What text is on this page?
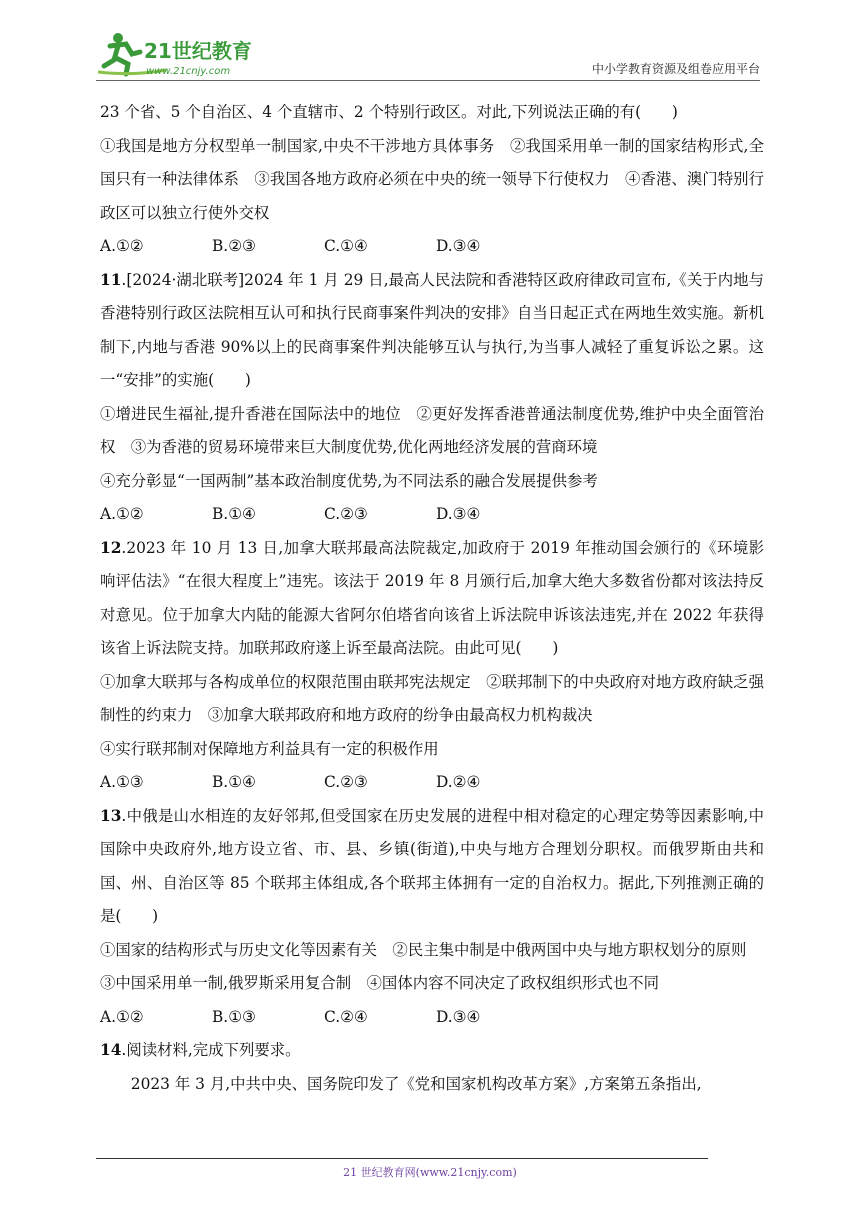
21世纪教育
www.21cnjy.com	中小学教育资源及组卷应用平台

23 个省、5 个自治区、4 个直辖市、2 个特别行政区。对此,下列说法正确的有(　　)

①我国是地方分权型单一制国家,中央不干涉地方具体事务　②我国采用单一制的国家结构形式,全国只有一种法律体系　③我国各地方政府必须在中央的统一领导下行使权力　④香港、澳门特别行政区可以独立行使外交权

A.①②	B.②③	C.①④	D.③④

11.[2024·湖北联考]2024 年 1 月 29 日,最高人民法院和香港特区政府律政司宣布,《关于内地与香港特别行政区法院相互认可和执行民商事案件判决的安排》自当日起正式在两地生效实施。新机制下,内地与香港 90%以上的民商事案件判决能够互认与执行,为当事人减轻了重复诉讼之累。这一“安排”的实施(　　)

①增进民生福祉,提升香港在国际法中的地位　②更好发挥香港普通法制度优势,维护中央全面管治权　③为香港的贸易环境带来巨大制度优势,优化两地经济发展的营商环境

④充分彰显“一国两制”基本政治制度优势,为不同法系的融合发展提供参考

A.①②	B.①④	C.②③	D.③④

12.2023 年 10 月 13 日,加拿大联邦最高法院裁定,加政府于 2019 年推动国会颁行的《环境影响评估法》“在很大程度上”违宪。该法于 2019 年 8 月颁行后,加拿大绝大多数省份都对该法持反对意见。位于加拿大内陆的能源大省阿尔伯塔省向该省上诉法院申诉该法违宪,并在 2022 年获得该省上诉法院支持。加联邦政府遂上诉至最高法院。由此可见(　　)

①加拿大联邦与各构成单位的权限范围由联邦宪法规定　②联邦制下的中央政府对地方政府缺乏强制性的约束力　③加拿大联邦政府和地方政府的纷争由最高权力机构裁决

④实行联邦制对保障地方利益具有一定的积极作用

A.①③	B.①④	C.②③	D.②④

13.中俄是山水相连的友好邻邦,但受国家在历史发展的进程中相对稳定的心理定势等因素影响,中国除中央政府外,地方设立省、市、县、乡镇(街道),中央与地方合理划分职权。而俄罗斯由共和国、州、自治区等 85 个联邦主体组成,各个联邦主体拥有一定的自治权力。据此,下列推测正确的是(　　)

①国家的结构形式与历史文化等因素有关　②民主集中制是中俄两国中央与地方职权划分的原则

③中国采用单一制,俄罗斯采用复合制　④国体内容不同决定了政权组织形式也不同

A.①②	B.①③	C.②④	D.③④

14.阅读材料,完成下列要求。

2023 年 3 月,中共中央、国务院印发了《党和国家机构改革方案》,方案第五条指出,

21 世纪教育网(www.21cnjy.com)
